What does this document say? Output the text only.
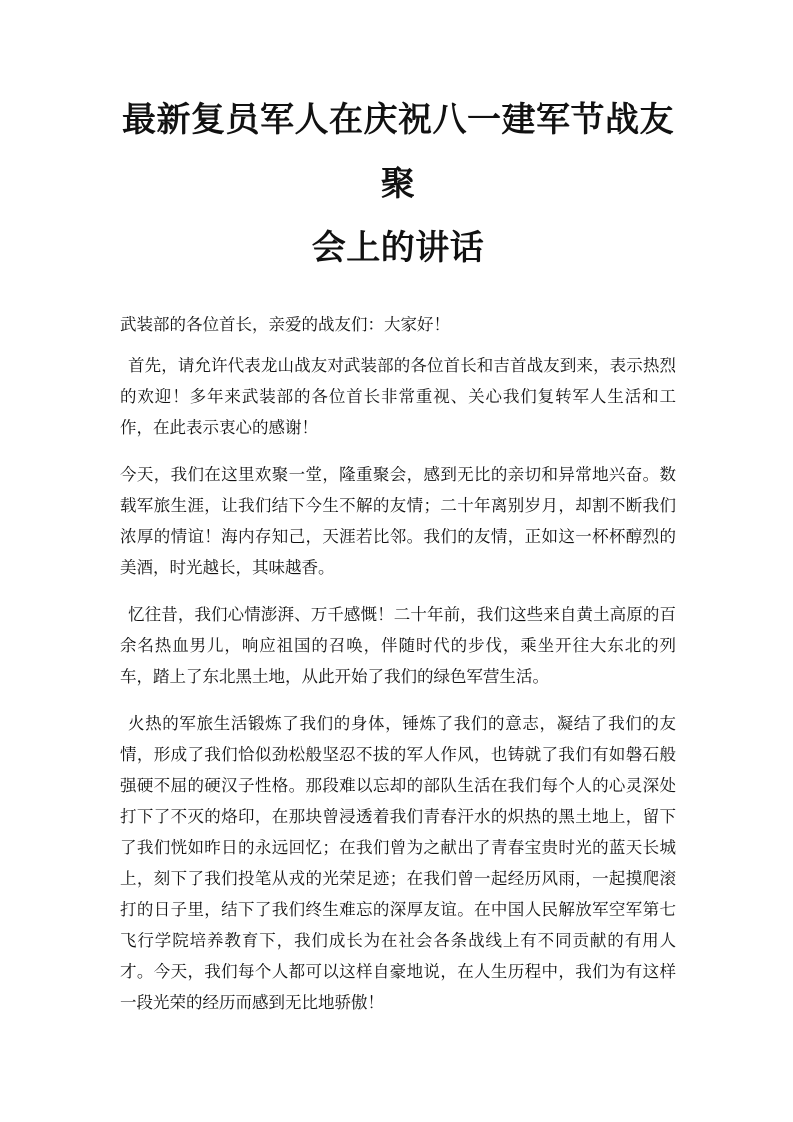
最新复员军人在庆祝八一建军节战友聚
会上的讲话

武装部的各位首长，亲爱的战友们：大家好！

首先，请允许代表龙山战友对武装部的各位首长和吉首战友到来，表示热烈的欢迎！多年来武装部的各位首长非常重视、关心我们复转军人生活和工作，在此表示衷心的感谢！

今天，我们在这里欢聚一堂，隆重聚会，感到无比的亲切和异常地兴奋。数载军旅生涯，让我们结下今生不解的友情；二十年离别岁月，却割不断我们浓厚的情谊！海内存知己，天涯若比邻。我们的友情，正如这一杯杯醇烈的美酒，时光越长，其味越香。

忆往昔，我们心情澎湃、万千感慨！二十年前，我们这些来自黄土高原的百余名热血男儿，响应祖国的召唤，伴随时代的步伐，乘坐开往大东北的列车，踏上了东北黑土地，从此开始了我们的绿色军营生活。

火热的军旅生活锻炼了我们的身体，锤炼了我们的意志，凝结了我们的友情，形成了我们恰似劲松般坚忍不拔的军人作风，也铸就了我们有如磐石般强硬不屈的硬汉子性格。那段难以忘却的部队生活在我们每个人的心灵深处打下了不灭的烙印，在那块曾浸透着我们青春汗水的炽热的黑土地上，留下了我们恍如昨日的永远回忆；在我们曾为之献出了青春宝贵时光的蓝天长城上，刻下了我们投笔从戎的光荣足迹；在我们曾一起经历风雨，一起摸爬滚打的日子里，结下了我们终生难忘的深厚友谊。在中国人民解放军空军第七飞行学院培养教育下，我们成长为在社会各条战线上有不同贡献的有用人才。今天，我们每个人都可以这样自豪地说，在人生历程中，我们为有这样一段光荣的经历而感到无比地骄傲！
